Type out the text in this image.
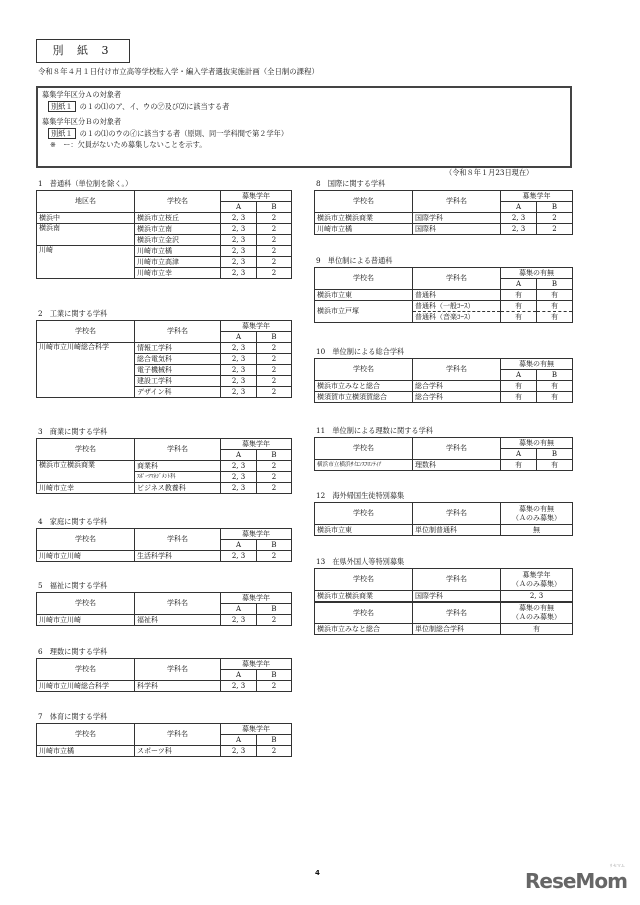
別 紙 3
令和８年４月１日付け市立高等学校転入学・編入学者選抜実施計画（全日制の課程）
募集学年区分Ａの対象者
別紙１ の１の⑴のア、イ、ウの㋐及び⑵に該当する者
募集学年区分Ｂの対象者
別紙１ の１の⑴のウの㋑に該当する者（原則、同一学科間で第２学年）
※　ー：欠員がないため募集しないことを示す。
（令和８年１月23日現在）
1　普通科（単位制を除く。）
地区名	学校名	募集学年	
		A	B
横浜中	横浜市立桜丘	2, 3	2
横浜南	横浜市立南	2, 3	2
	横浜市立金沢	2, 3	2
川崎	川崎市立橘	2, 3	2
	川崎市立高津	2, 3	2
	川崎市立幸	2, 3	2
2　工業に関する学科
学校名	学科名	募集学年	
		A	B
川崎市立川崎総合科学	情報工学科	2, 3	2
	総合電気科	2, 3	2
	電子機械科	2, 3	2
	建設工学科	2, 3	2
	デザイン科	2, 3	2
3　商業に関する学科
学校名	学科名	募集学年	
		A	B
横浜市立横浜商業	商業科	2, 3	2
	ｽﾎﾟｰﾂﾏﾈｼﾞﾒﾝﾄ科	2, 3	2
川崎市立幸	ビジネス教養科	2, 3	2
4　家庭に関する学科
学校名	学科名	募集学年	
		A	B
川崎市立川崎	生活科学科	2, 3	2
5　福祉に関する学科
学校名	学科名	募集学年	
		A	B
川崎市立川崎	福祉科	2, 3	2
6　理数に関する学科
学校名	学科名	募集学年	
		A	B
川崎市立川崎総合科学	科学科	2, 3	2
7　体育に関する学科
学校名	学科名	募集学年	
		A	B
川崎市立橘	スポーツ科	2, 3	2
8　国際に関する学科
学校名	学科名	募集学年	
		A	B
横浜市立横浜商業	国際学科	2, 3	2
川崎市立橘	国際科	2, 3	2
9　単位制による普通科
学校名	学科名	募集の有無	
		A	B
横浜市立東	普通科	有	有
横浜市立戸塚	普通科（一般ｺｰｽ）	有	有
	普通科（音楽ｺｰｽ）	有	有
10　単位制による総合学科
学校名	学科名	募集の有無	
		A	B
横浜市立みなと総合	総合学科	有	有
横須賀市立横須賀総合	総合学科	有	有
11　単位制による理数に関する学科
学校名	学科名	募集の有無	
		A	B
横浜市立横浜ｻｲｴﾝｽﾌﾛﾝﾃｨｱ	理数科	有	有
12　海外帰国生徒特別募集
学校名	学科名	募集の有無
（Ａのみ募集）

横浜市立東	単位制普通科	無
13　在県外国人等特別募集
学校名	学科名	募集学年
（Ａのみ募集）

横浜市立横浜商業	国際学科	2, 3
学校名	学科名	募集の有無
（Ａのみ募集）

横浜市立みなと総合	単位制総合学科	有
4	ReseMom
リセマム
